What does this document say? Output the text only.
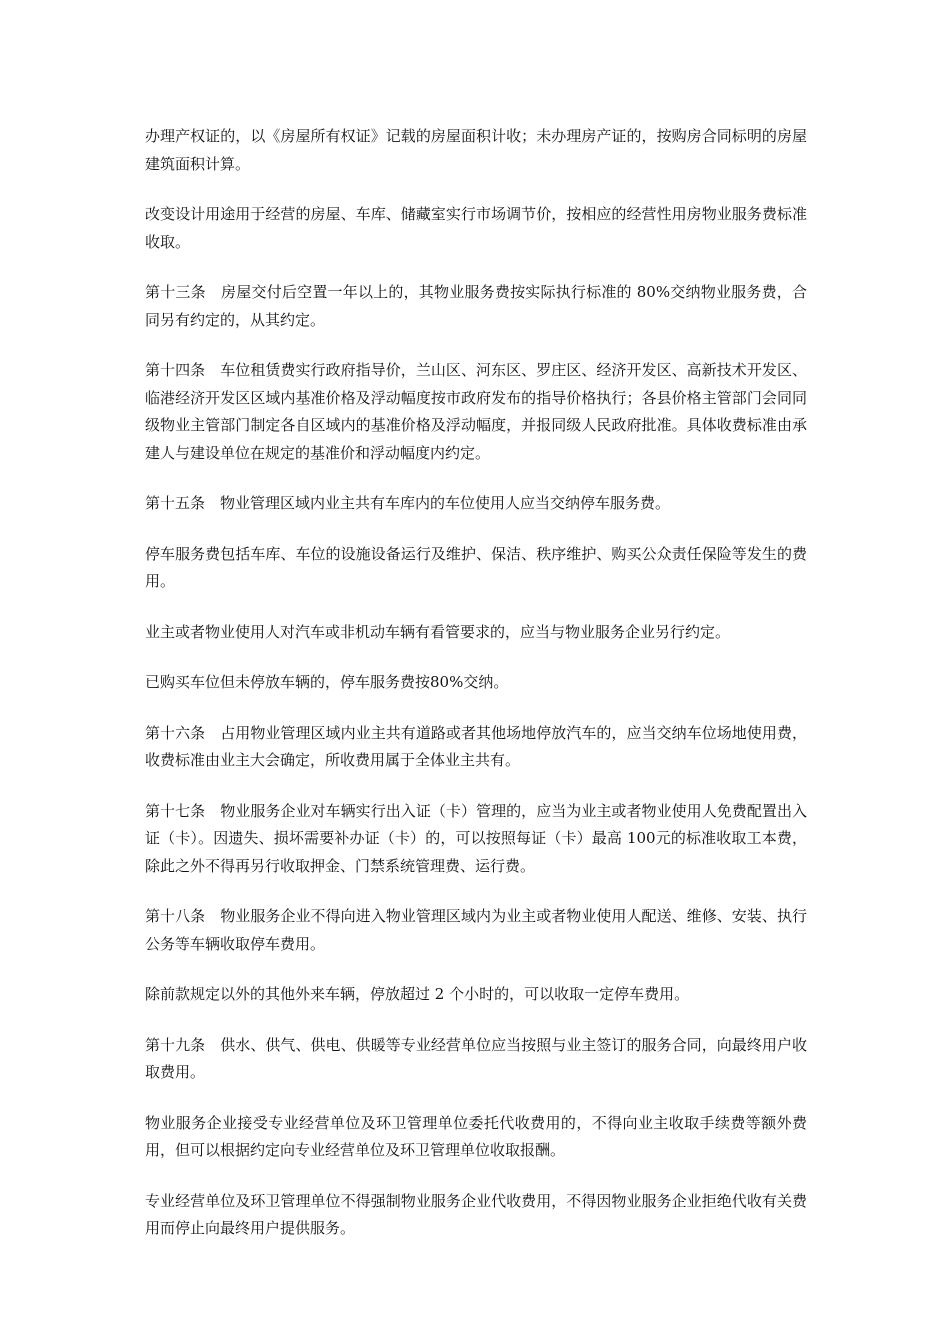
办理产权证的，以《房屋所有权证》记载的房屋面积计收；未办理房产证的，按购房合同标明的房屋建筑面积计算。

改变设计用途用于经营的房屋、车库、储藏室实行市场调节价，按相应的经营性用房物业服务费标准收取。

第十三条　房屋交付后空置一年以上的，其物业服务费按实际执行标准的 80%交纳物业服务费，合同另有约定的，从其约定。

第十四条　车位租赁费实行政府指导价，兰山区、河东区、罗庄区、经济开发区、高新技术开发区、临港经济开发区区域内基准价格及浮动幅度按市政府发布的指导价格执行；各县价格主管部门会同同级物业主管部门制定各自区域内的基准价格及浮动幅度，并报同级人民政府批准。具体收费标准由承建人与建设单位在规定的基准价和浮动幅度内约定。

第十五条　物业管理区域内业主共有车库内的车位使用人应当交纳停车服务费。

停车服务费包括车库、车位的设施设备运行及维护、保洁、秩序维护、购买公众责任保险等发生的费用。

业主或者物业使用人对汽车或非机动车辆有看管要求的，应当与物业服务企业另行约定。

已购买车位但未停放车辆的，停车服务费按80%交纳。

第十六条　占用物业管理区域内业主共有道路或者其他场地停放汽车的，应当交纳车位场地使用费，收费标准由业主大会确定，所收费用属于全体业主共有。

第十七条　物业服务企业对车辆实行出入证（卡）管理的，应当为业主或者物业使用人免费配置出入证（卡）。因遗失、损坏需要补办证（卡）的，可以按照每证（卡）最高 100元的标准收取工本费，除此之外不得再另行收取押金、门禁系统管理费、运行费。

第十八条　物业服务企业不得向进入物业管理区域内为业主或者物业使用人配送、维修、安装、执行公务等车辆收取停车费用。

除前款规定以外的其他外来车辆，停放超过 2 个小时的，可以收取一定停车费用。

第十九条　供水、供气、供电、供暖等专业经营单位应当按照与业主签订的服务合同，向最终用户收取费用。

物业服务企业接受专业经营单位及环卫管理单位委托代收费用的，不得向业主收取手续费等额外费用，但可以根据约定向专业经营单位及环卫管理单位收取报酬。

专业经营单位及环卫管理单位不得强制物业服务企业代收费用，不得因物业服务企业拒绝代收有关费用而停止向最终用户提供服务。
